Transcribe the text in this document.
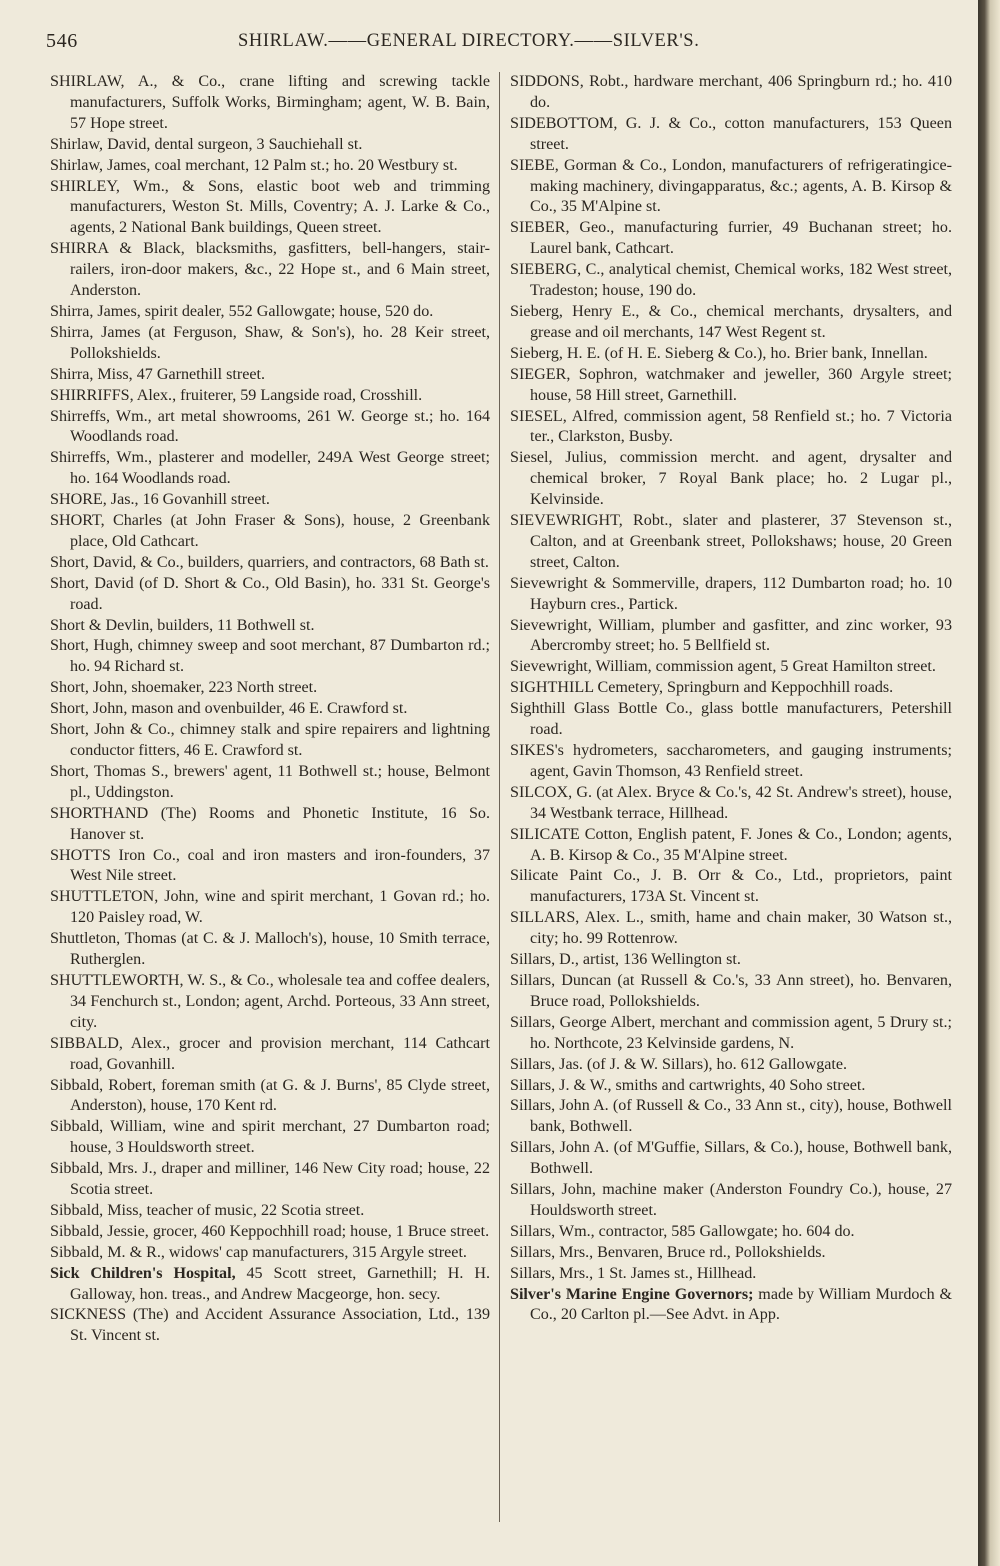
546	SHIRLAW.——GENERAL DIRECTORY.——SILVER'S.

SHIRLAW, A., & Co., crane lifting and screwing tackle manufacturers, Suffolk Works, Birmingham; agent, W. B. Bain, 57 Hope street.

Shirlaw, David, dental surgeon, 3 Sauchiehall st.

Shirlaw, James, coal merchant, 12 Palm st.; ho. 20 Westbury st.

SHIRLEY, Wm., & Sons, elastic boot web and trimming manufacturers, Weston St. Mills, Coventry; A. J. Larke & Co., agents, 2 National Bank buildings, Queen street.

SHIRRA & Black, blacksmiths, gasfitters, bell-hangers, stair-railers, iron-door makers, &c., 22 Hope st., and 6 Main street, Anderston.

Shirra, James, spirit dealer, 552 Gallowgate; house, 520 do.

Shirra, James (at Ferguson, Shaw, & Son's), ho. 28 Keir street, Pollokshields.

Shirra, Miss, 47 Garnethill street.

SHIRRIFFS, Alex., fruiterer, 59 Langside road, Crosshill.

Shirreffs, Wm., art metal showrooms, 261 W. George st.; ho. 164 Woodlands road.

Shirreffs, Wm., plasterer and modeller, 249A West George street; ho. 164 Woodlands road.

SHORE, Jas., 16 Govanhill street.

SHORT, Charles (at John Fraser & Sons), house, 2 Greenbank place, Old Cathcart.

Short, David, & Co., builders, quarriers, and contractors, 68 Bath st.

Short, David (of D. Short & Co., Old Basin), ho. 331 St. George's road.

Short & Devlin, builders, 11 Bothwell st.

Short, Hugh, chimney sweep and soot merchant, 87 Dumbarton rd.; ho. 94 Richard st.

Short, John, shoemaker, 223 North street.

Short, John, mason and ovenbuilder, 46 E. Crawford st.

Short, John & Co., chimney stalk and spire repairers and lightning conductor fitters, 46 E. Crawford st.

Short, Thomas S., brewers' agent, 11 Bothwell st.; house, Belmont pl., Uddingston.

SHORTHAND (The) Rooms and Phonetic Institute, 16 So. Hanover st.

SHOTTS Iron Co., coal and iron masters and iron-founders, 37 West Nile street.

SHUTTLETON, John, wine and spirit merchant, 1 Govan rd.; ho. 120 Paisley road, W.

Shuttleton, Thomas (at C. & J. Malloch's), house, 10 Smith terrace, Rutherglen.

SHUTTLEWORTH, W. S., & Co., wholesale tea and coffee dealers, 34 Fenchurch st., London; agent, Archd. Porteous, 33 Ann street, city.

SIBBALD, Alex., grocer and provision merchant, 114 Cathcart road, Govanhill.

Sibbald, Robert, foreman smith (at G. & J. Burns', 85 Clyde street, Anderston), house, 170 Kent rd.

Sibbald, William, wine and spirit merchant, 27 Dumbarton road; house, 3 Houldsworth street.

Sibbald, Mrs. J., draper and milliner, 146 New City road; house, 22 Scotia street.

Sibbald, Miss, teacher of music, 22 Scotia street.

Sibbald, Jessie, grocer, 460 Keppochhill road; house, 1 Bruce street.

Sibbald, M. & R., widows' cap manufacturers, 315 Argyle street.

Sick Children's Hospital, 45 Scott street, Garnethill; H. H. Galloway, hon. treas., and Andrew Macgeorge, hon. secy.

SICKNESS (The) and Accident Assurance Association, Ltd., 139 St. Vincent st.

SIDDONS, Robt., hardware merchant, 406 Springburn rd.; ho. 410 do.

SIDEBOTTOM, G. J. & Co., cotton manufacturers, 153 Queen street.

SIEBE, Gorman & Co., London, manufacturers of refrigeratingice-making machinery, divingapparatus, &c.; agents, A. B. Kirsop & Co., 35 M'Alpine st.

SIEBER, Geo., manufacturing furrier, 49 Buchanan street; ho. Laurel bank, Cathcart.

SIEBERG, C., analytical chemist, Chemical works, 182 West street, Tradeston; house, 190 do.

Sieberg, Henry E., & Co., chemical merchants, drysalters, and grease and oil merchants, 147 West Regent st.

Sieberg, H. E. (of H. E. Sieberg & Co.), ho. Brier bank, Innellan.

SIEGER, Sophron, watchmaker and jeweller, 360 Argyle street; house, 58 Hill street, Garnethill.

SIESEL, Alfred, commission agent, 58 Renfield st.; ho. 7 Victoria ter., Clarkston, Busby.

Siesel, Julius, commission mercht. and agent, drysalter and chemical broker, 7 Royal Bank place; ho. 2 Lugar pl., Kelvinside.

SIEVEWRIGHT, Robt., slater and plasterer, 37 Stevenson st., Calton, and at Greenbank street, Pollokshaws; house, 20 Green street, Calton.

Sievewright & Sommerville, drapers, 112 Dumbarton road; ho. 10 Hayburn cres., Partick.

Sievewright, William, plumber and gasfitter, and zinc worker, 93 Abercromby street; ho. 5 Bellfield st.

Sievewright, William, commission agent, 5 Great Hamilton street.

SIGHTHILL Cemetery, Springburn and Keppochhill roads.

Sighthill Glass Bottle Co., glass bottle manufacturers, Petershill road.

SIKES's hydrometers, saccharometers, and gauging instruments; agent, Gavin Thomson, 43 Renfield street.

SILCOX, G. (at Alex. Bryce & Co.'s, 42 St. Andrew's street), house, 34 Westbank terrace, Hillhead.

SILICATE Cotton, English patent, F. Jones & Co., London; agents, A. B. Kirsop & Co., 35 M'Alpine street.

Silicate Paint Co., J. B. Orr & Co., Ltd., proprietors, paint manufacturers, 173A St. Vincent st.

SILLARS, Alex. L., smith, hame and chain maker, 30 Watson st., city; ho. 99 Rottenrow.

Sillars, D., artist, 136 Wellington st.

Sillars, Duncan (at Russell & Co.'s, 33 Ann street), ho. Benvaren, Bruce road, Pollokshields.

Sillars, George Albert, merchant and commission agent, 5 Drury st.; ho. Northcote, 23 Kelvinside gardens, N.

Sillars, Jas. (of J. & W. Sillars), ho. 612 Gallowgate.

Sillars, J. & W., smiths and cartwrights, 40 Soho street.

Sillars, John A. (of Russell & Co., 33 Ann st., city), house, Bothwell bank, Bothwell.

Sillars, John A. (of M'Guffie, Sillars, & Co.), house, Bothwell bank, Bothwell.

Sillars, John, machine maker (Anderston Foundry Co.), house, 27 Houldsworth street.

Sillars, Wm., contractor, 585 Gallowgate; ho. 604 do.

Sillars, Mrs., Benvaren, Bruce rd., Pollokshields.

Sillars, Mrs., 1 St. James st., Hillhead.

Silver's Marine Engine Governors; made by William Murdoch & Co., 20 Carlton pl.—See Advt. in App.
